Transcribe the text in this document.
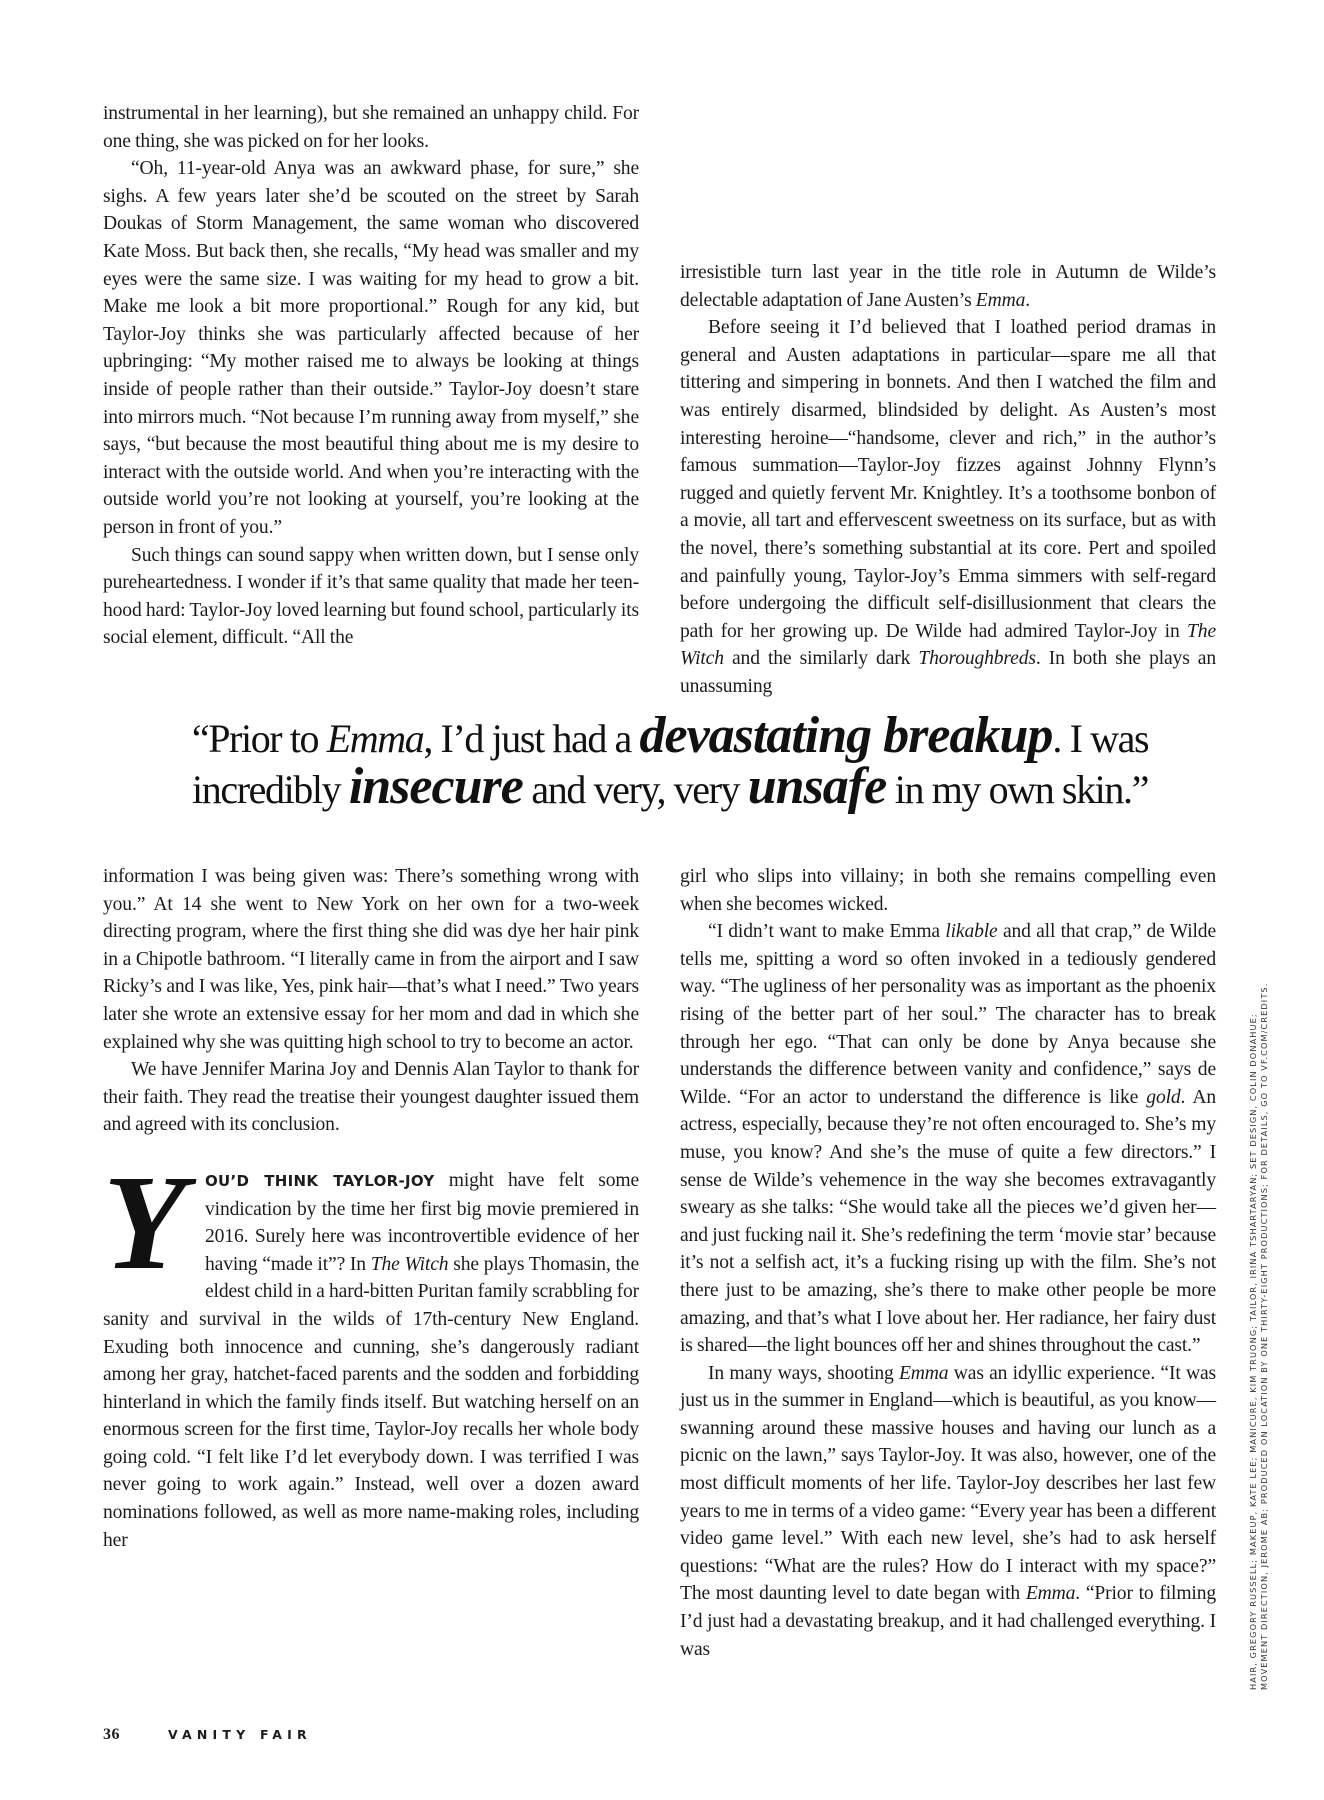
instrumental in her learning), but she remained an unhappy child. For one thing, she was picked on for her looks.

“Oh, 11-year-old Anya was an awkward phase, for sure,” she sighs. A few years later she’d be scouted on the street by Sarah Doukas of Storm Management, the same woman who discovered Kate Moss. But back then, she recalls, “My head was smaller and my eyes were the same size. I was waiting for my head to grow a bit. Make me look a bit more proportional.” Rough for any kid, but Taylor-Joy thinks she was particularly affected because of her upbringing: “My mother raised me to always be looking at things inside of people rather than their outside.” Taylor-Joy doesn’t stare into mirrors much. “Not because I’m running away from myself,” she says, “but because the most beautiful thing about me is my desire to interact with the outside world. And when you’re interacting with the outside world you’re not looking at yourself, you’re looking at the person in front of you.”

Such things can sound sappy when written down, but I sense only pureheartedness. I wonder if it’s that same quality that made her teen-hood hard: Taylor-Joy loved learning but found school, particularly its social element, difficult. “All the

irresistible turn last year in the title role in Autumn de Wilde’s delectable adaptation of Jane Austen’s Emma.

Before seeing it I’d believed that I loathed period dramas in general and Austen adaptations in particular—spare me all that tittering and simpering in bonnets. And then I watched the film and was entirely disarmed, blindsided by delight. As Austen’s most interesting heroine—“handsome, clever and rich,” in the author’s famous summation—Taylor-Joy fizzes against Johnny Flynn’s rugged and quietly fervent Mr. Knightley. It’s a toothsome bonbon of a movie, all tart and effervescent sweetness on its surface, but as with the novel, there’s something substantial at its core. Pert and spoiled and painfully young, Taylor-Joy’s Emma simmers with self-regard before undergoing the difficult self-disillusionment that clears the path for her growing up. De Wilde had admired Taylor-Joy in The Witch and the similarly dark Thoroughbreds. In both she plays an unassuming

“Prior to Emma, I’d just had a devastating breakup. I was
incredibly insecure and very, very unsafe in my own skin.”

information I was being given was: There’s something wrong with you.” At 14 she went to New York on her own for a two-week directing program, where the first thing she did was dye her hair pink in a Chipotle bathroom. “I literally came in from the airport and I saw Ricky’s and I was like, Yes, pink hair—that’s what I need.” Two years later she wrote an extensive essay for her mom and dad in which she explained why she was quitting high school to try to become an actor.

We have Jennifer Marina Joy and Dennis Alan Taylor to thank for their faith. They read the treatise their youngest daughter issued them and agreed with its conclusion.

Y	OU’D THINK TAYLOR-JOY might have felt some vindication by the time her first big movie premiered in 2016. Surely here was incontrovertible evidence of her having “made it”? In The Witch she plays Thomasin, the eldest child in a hard-bitten Puritan family scrabbling for sanity and survival in the wilds of 17th-century New England. Exuding both innocence and cunning, she’s dangerously radiant among her gray, hatchet-faced parents and the sodden and forbidding hinterland in which the family finds itself. But watching herself on an enormous screen for the first time, Taylor-Joy recalls her whole body going cold. “I felt like I’d let everybody down. I was terrified I was never going to work again.” Instead, well over a dozen award nominations followed, as well as more name-making roles, including her

girl who slips into villainy; in both she remains compelling even when she becomes wicked.

“I didn’t want to make Emma likable and all that crap,” de Wilde tells me, spitting a word so often invoked in a tediously gendered way. “The ugliness of her personality was as important as the phoenix rising of the better part of her soul.” The character has to break through her ego. “That can only be done by Anya because she understands the difference between vanity and confidence,” says de Wilde. “For an actor to understand the difference is like gold. An actress, especially, because they’re not often encouraged to. She’s my muse, you know? And she’s the muse of quite a few directors.” I sense de Wilde’s vehemence in the way she becomes extravagantly sweary as she talks: “She would take all the pieces we’d given her—and just fucking nail it. She’s redefining the term ‘movie star’ because it’s not a selfish act, it’s a fucking rising up with the film. She’s not there just to be amazing, she’s there to make other people be more amazing, and that’s what I love about her. Her radiance, her fairy dust is shared—the light bounces off her and shines throughout the cast.”

In many ways, shooting Emma was an idyllic experience. “It was just us in the summer in England—which is beautiful, as you know—swanning around these massive houses and having our lunch as a picnic on the lawn,” says Taylor-Joy. It was also, however, one of the most difficult moments of her life. Taylor-Joy describes her last few years to me in terms of a video game: “Every year has been a different video game level.” With each new level, she’s had to ask herself questions: “What are the rules? How do I interact with my space?” The most daunting level to date began with Emma. “Prior to filming I’d just had a devastating breakup, and it had challenged everything. I was	HAIR, GREGORY RUSSELL; MAKEUP, KATE LEE; MANICURE, KIM TRUONG; TAILOR, IRINA TSHARTARYAN; SET DESIGN, COLIN DONAHUE; MOVEMENT DIRECTION, JEROME AB; PRODUCED ON LOCATION BY ONE THIRTY-EIGHT PRODUCTIONS; FOR DETAILS, GO TO VF.COM/CREDITS.
36	VANITY FAIR
